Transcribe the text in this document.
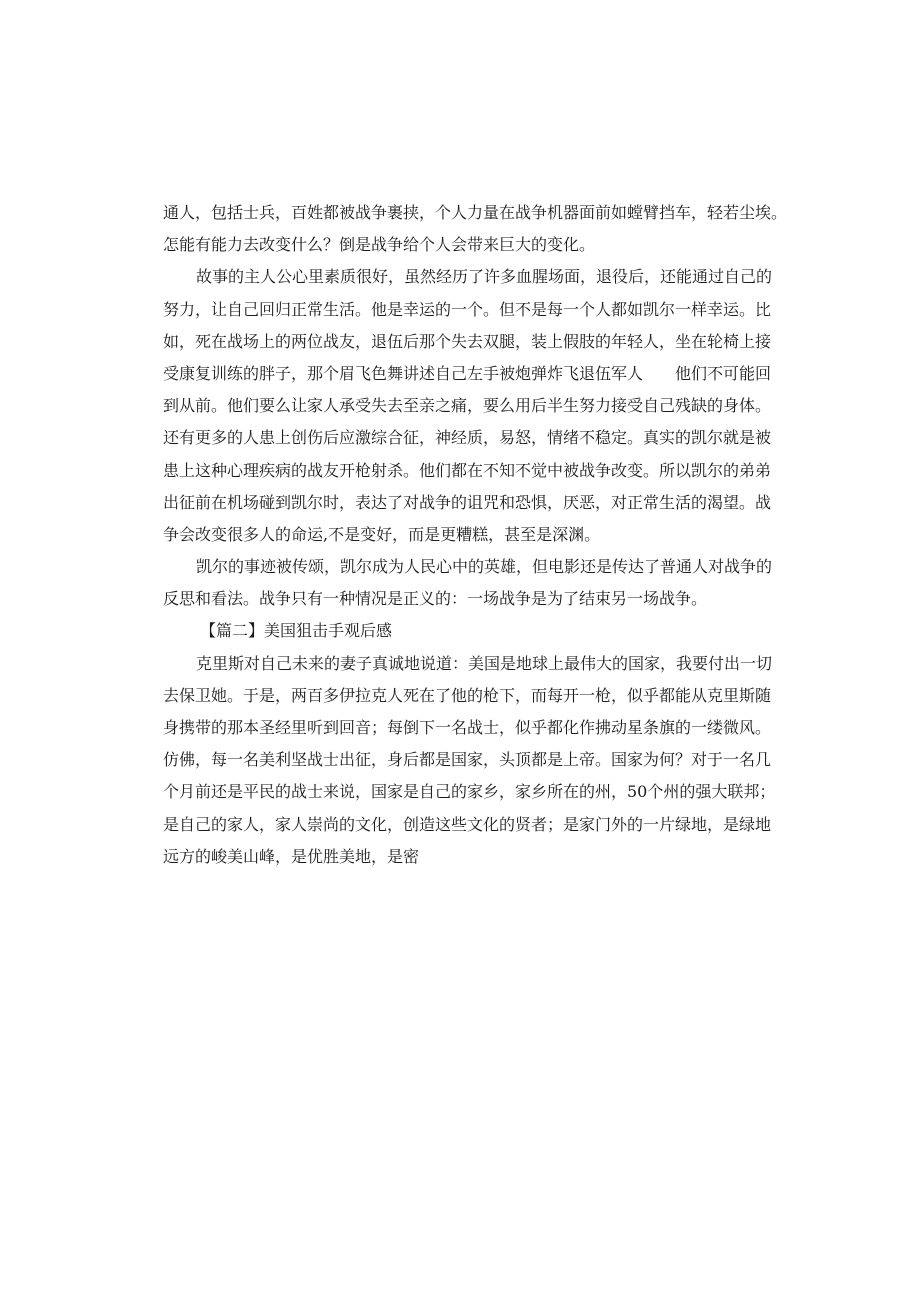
通人，包括士兵，百姓都被战争裹挟，个人力量在战争机器面前如螳臂挡车，轻若尘埃。
怎能有能力去改变什么？倒是战争给个人会带来巨大的变化。
故事的主人公心里素质很好，虽然经历了许多血腥场面，退役后，还能通过自己的
努力，让自己回归正常生活。他是幸运的一个。但不是每一个人都如凯尔一样幸运。比
如，死在战场上的两位战友，退伍后那个失去双腿，装上假肢的年轻人，坐在轮椅上接
受康复训练的胖子，那个眉飞色舞讲述自己左手被炮弹炸飞退伍军人　　他们不可能回
到从前。他们要么让家人承受失去至亲之痛，要么用后半生努力接受自己残缺的身体。
还有更多的人患上创伤后应激综合征，神经质，易怒，情绪不稳定。真实的凯尔就是被
患上这种心理疾病的战友开枪射杀。他们都在不知不觉中被战争改变。所以凯尔的弟弟
出征前在机场碰到凯尔时，表达了对战争的诅咒和恐惧，厌恶，对正常生活的渴望。战
争会改变很多人的命运,不是变好，而是更糟糕，甚至是深渊。
凯尔的事迹被传颂，凯尔成为人民心中的英雄，但电影还是传达了普通人对战争的
反思和看法。战争只有一种情况是正义的：一场战争是为了结束另一场战争。
【篇二】美国狙击手观后感
克里斯对自己未来的妻子真诚地说道：美国是地球上最伟大的国家，我要付出一切
去保卫她。于是，两百多伊拉克人死在了他的枪下，而每开一枪，似乎都能从克里斯随
身携带的那本圣经里听到回音；每倒下一名战士，似乎都化作拂动星条旗的一缕微风。
仿佛，每一名美利坚战士出征，身后都是国家，头顶都是上帝。国家为何？对于一名几
个月前还是平民的战士来说，国家是自己的家乡，家乡所在的州，50个州的强大联邦；
是自己的家人，家人崇尚的文化，创造这些文化的贤者；是家门外的一片绿地，是绿地
远方的峻美山峰，是优胜美地，是密
